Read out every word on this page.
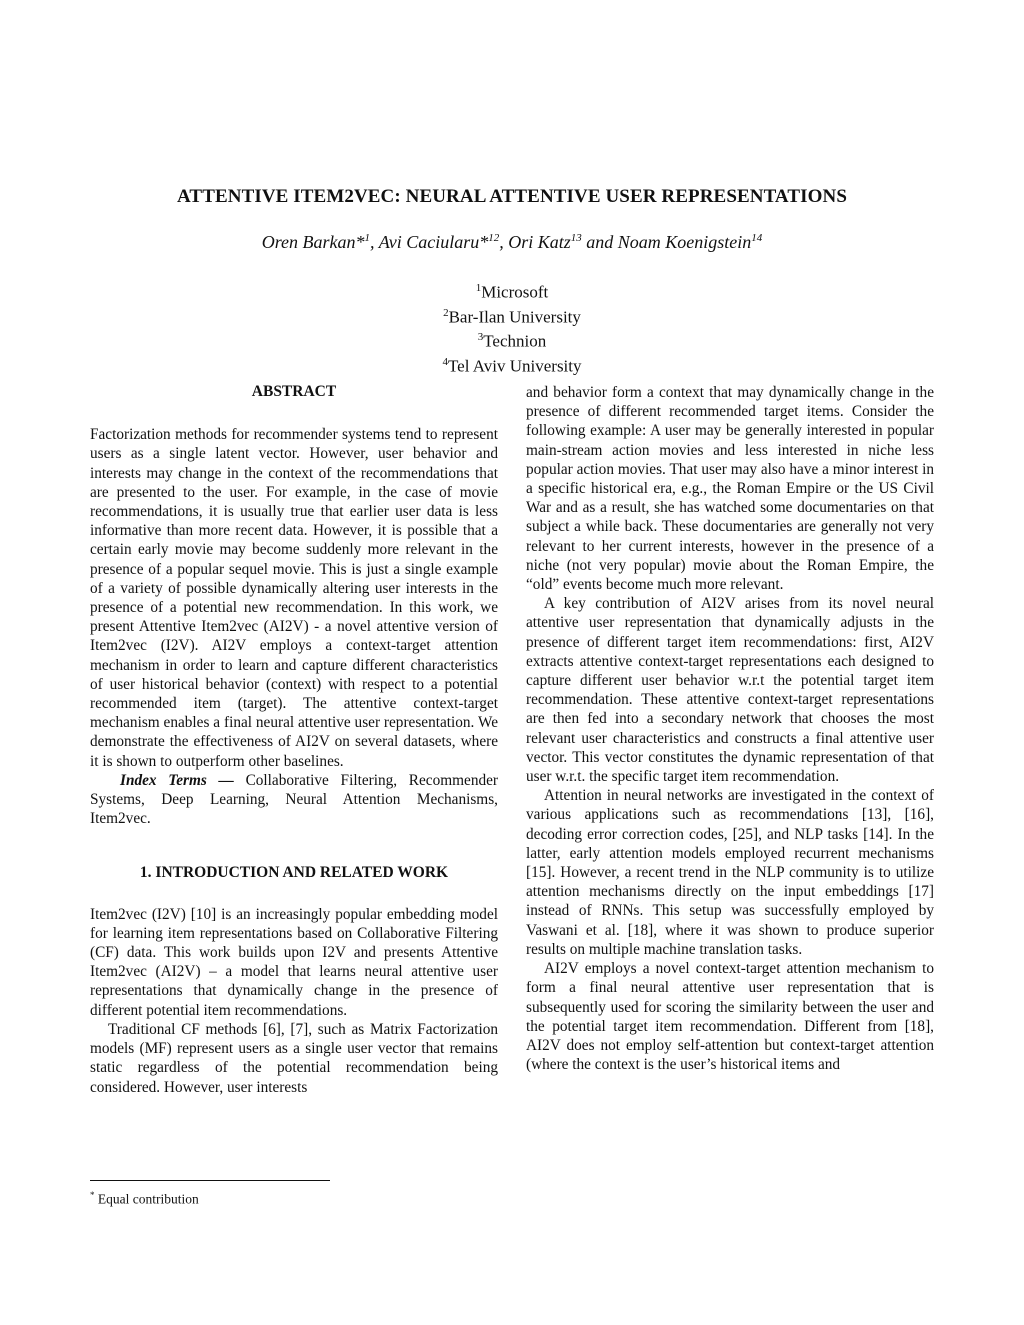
ATTENTIVE ITEM2VEC: NEURAL ATTENTIVE USER REPRESENTATIONS
Oren Barkan*$^1$, Avi Caciularu*$^{12}$, Ori Katz$^{13}$ and Noam Koenigstein$^{14}$
$^1$Microsoft
$^2$Bar-Ilan University
$^3$Technion
$^4$Tel Aviv University
ABSTRACT

Factorization methods for recommender systems tend to represent users as a single latent vector. However, user behavior and interests may change in the context of the recommendations that are presented to the user. For example, in the case of movie recommendations, it is usually true that earlier user data is less informative than more recent data. However, it is possible that a certain early movie may become suddenly more relevant in the presence of a popular sequel movie. This is just a single example of a variety of possible dynamically altering user interests in the presence of a potential new recommendation. In this work, we present Attentive Item2vec (AI2V) - a novel attentive version of Item2vec (I2V). AI2V employs a context-target attention mechanism in order to learn and capture different characteristics of user historical behavior (context) with respect to a potential recommended item (target). The attentive context-target mechanism enables a final neural attentive user representation. We demonstrate the effectiveness of AI2V on several datasets, where it is shown to outperform other baselines.

Index Terms — Collaborative Filtering, Recommender Systems, Deep Learning, Neural Attention Mechanisms, Item2vec.

1. INTRODUCTION AND RELATED WORK

Item2vec (I2V) [10] is an increasingly popular embedding model for learning item representations based on Collaborative Filtering (CF) data. This work builds upon I2V and presents Attentive Item2vec (AI2V) – a model that learns neural attentive user representations that dynamically change in the presence of different potential item recommendations.

Traditional CF methods [6], [7], such as Matrix Factorization models (MF) represent users as a single user vector that remains static regardless of the potential recommendation being considered. However, user interests

and behavior form a context that may dynamically change in the presence of different recommended target items. Consider the following example: A user may be generally interested in popular main-stream action movies and less interested in niche less popular action movies. That user may also have a minor interest in a specific historical era, e.g., the Roman Empire or the US Civil War and as a result, she has watched some documentaries on that subject a while back. These documentaries are generally not very relevant to her current interests, however in the presence of a niche (not very popular) movie about the Roman Empire, the “old” events become much more relevant.

A key contribution of AI2V arises from its novel neural attentive user representation that dynamically adjusts in the presence of different target item recommendations: first, AI2V extracts attentive context-target representations each designed to capture different user behavior w.r.t the potential target item recommendation. These attentive context-target representations are then fed into a secondary network that chooses the most relevant user characteristics and constructs a final attentive user vector. This vector constitutes the dynamic representation of that user w.r.t. the specific target item recommendation.

Attention in neural networks are investigated in the context of various applications such as recommendations [13], [16], decoding error correction codes, [25], and NLP tasks [14]. In the latter, early attention models employed recurrent mechanisms [15]. However, a recent trend in the NLP community is to utilize attention mechanisms directly on the input embeddings [17] instead of RNNs. This setup was successfully employed by Vaswani et al. [18], where it was shown to produce superior results on multiple machine translation tasks.

AI2V employs a novel context-target attention mechanism to form a final neural attentive user representation that is subsequently used for scoring the similarity between the user and the potential target item recommendation. Different from [18], AI2V does not employ self-attention but context-target attention (where the context is the user’s historical items and

* Equal contribution
